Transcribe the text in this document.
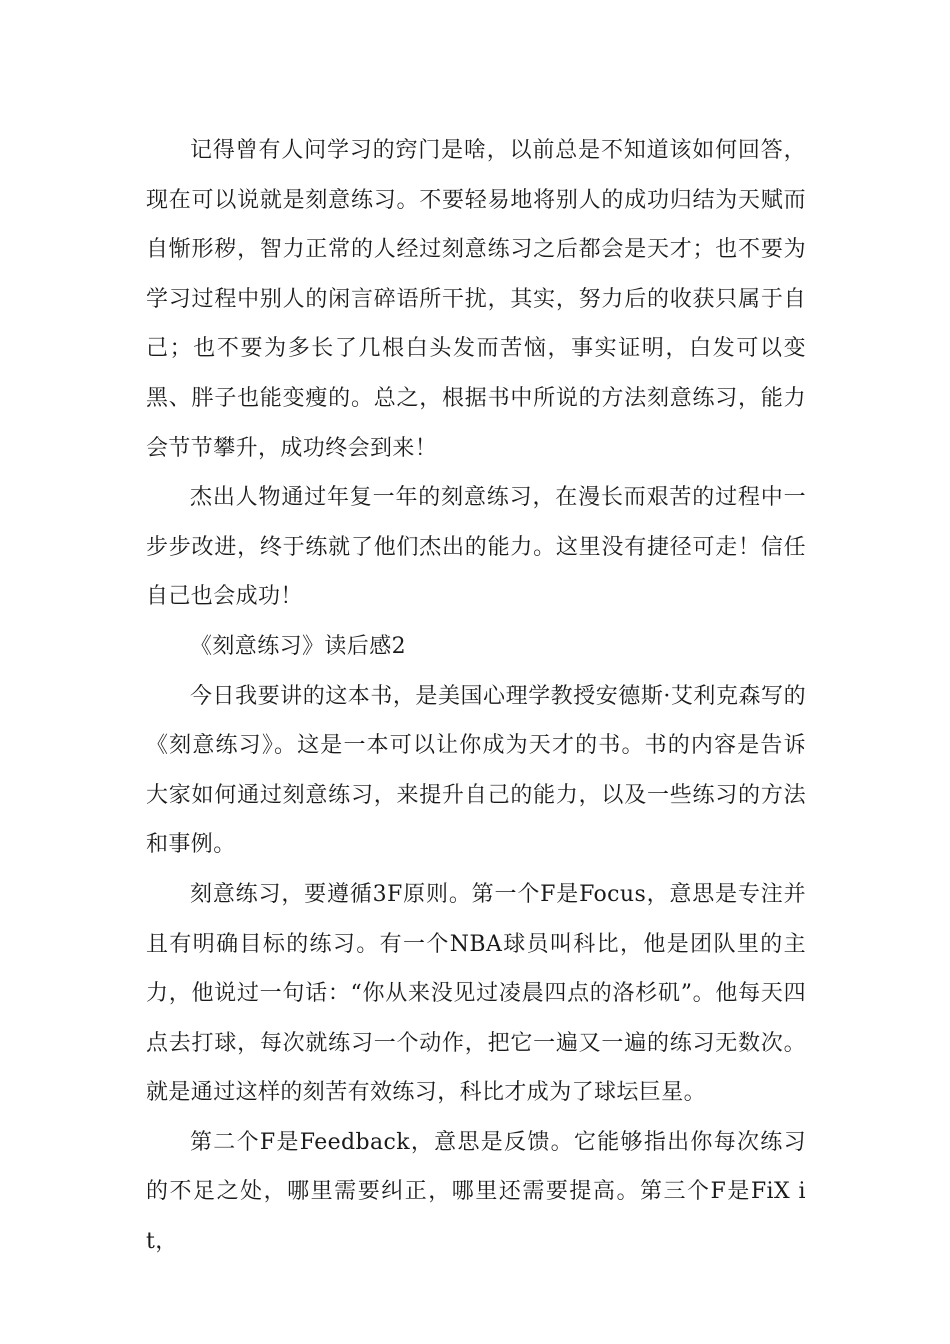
记得曾有人问学习的窍门是啥，以前总是不知道该如何回答，现在可以说就是刻意练习。不要轻易地将别人的成功归结为天赋而自惭形秽，智力正常的人经过刻意练习之后都会是天才；也不要为学习过程中别人的闲言碎语所干扰，其实，努力后的收获只属于自己；也不要为多长了几根白头发而苦恼，事实证明，白发可以变黑、胖子也能变瘦的。总之，根据书中所说的方法刻意练习，能力会节节攀升，成功终会到来！

杰出人物通过年复一年的刻意练习，在漫长而艰苦的过程中一步步改进，终于练就了他们杰出的能力。这里没有捷径可走！信任自己也会成功！

《刻意练习》读后感2

今日我要讲的这本书，是美国心理学教授安德斯·艾利克森写的《刻意练习》。这是一本可以让你成为天才的书。书的内容是告诉大家如何通过刻意练习，来提升自己的能力，以及一些练习的方法和事例。

刻意练习，要遵循3F原则。第一个F是Focus，意思是专注并且有明确目标的练习。有一个NBA球员叫科比，他是团队里的主力，他说过一句话：“你从来没见过凌晨四点的洛杉矶”。他每天四点去打球，每次就练习一个动作，把它一遍又一遍的练习无数次。就是通过这样的刻苦有效练习，科比才成为了球坛巨星。

第二个F是Feedback，意思是反馈。它能够指出你每次练习的不足之处，哪里需要纠正，哪里还需要提高。第三个F是FiX it，
